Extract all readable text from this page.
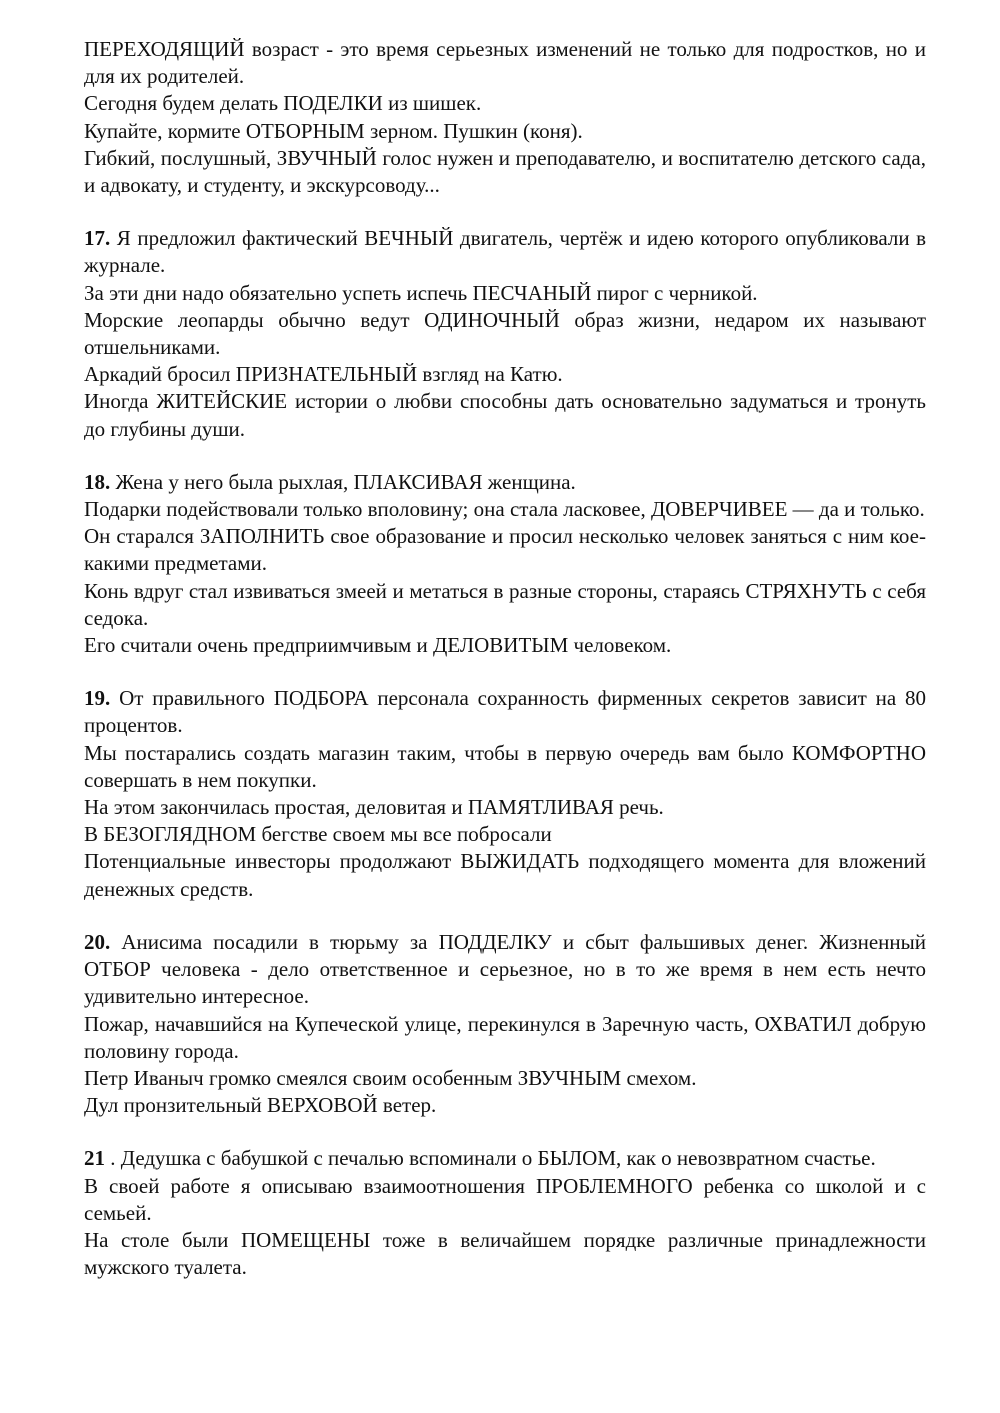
ПЕРЕХОДЯЩИЙ возраст - это время серьезных изменений не только для подростков, но и для их родителей.

Сегодня будем делать ПОДЕЛКИ из шишек.

Купайте, кормите ОТБОРНЫМ зерном. Пушкин (коня).

Гибкий, послушный, ЗВУЧНЫЙ голос нужен и преподавателю, и воспитателю детского сада, и адвокату, и студенту, и экскурсоводу...

17. Я предложил фактический ВЕЧНЫЙ двигатель, чертёж и идею которого опубликовали в журнале.

За эти дни надо обязательно успеть испечь ПЕСЧАНЫЙ пирог с черникой.

Морские леопарды обычно ведут ОДИНОЧНЫЙ образ жизни, недаром их называют отшельниками.

Аркадий бросил ПРИЗНАТЕЛЬНЫЙ взгляд на Катю.

Иногда ЖИТЕЙСКИЕ истории о любви способны дать основательно задуматься и тронуть до глубины души.

18. Жена у него была рыхлая, ПЛАКСИВАЯ женщина.

Подарки подействовали только вполовину; она стала ласковее, ДОВЕРЧИВЕЕ — да и только.

Он старался ЗАПОЛНИТЬ свое образование и просил несколько человек заняться с ним кое-какими предметами.

Конь вдруг стал извиваться змеей и метаться в разные стороны, стараясь СТРЯХНУТЬ с себя седока.

Его считали очень предприимчивым и ДЕЛОВИТЫМ человеком.

19. От правильного ПОДБОРА персонала сохранность фирменных секретов зависит на 80 процентов.

Мы постарались создать магазин таким, чтобы в первую очередь вам было КОМФОРТНО совершать в нем покупки.

На этом закончилась простая, деловитая и ПАМЯТЛИВАЯ речь.

В БЕЗОГЛЯДНОМ бегстве своем мы все побросали

Потенциальные инвесторы продолжают ВЫЖИДАТЬ подходящего момента для вложений денежных средств.

20. Анисима посадили в тюрьму за ПОДДЕЛКУ и сбыт фальшивых денег. Жизненный ОТБОР человека - дело ответственное и серьезное, но в то же время в нем есть нечто удивительно интересное.

Пожар, начавшийся на Купеческой улице, перекинулся в Заречную часть, ОХВАТИЛ добрую половину города.

Петр Иваныч громко смеялся своим особенным ЗВУЧНЫМ смехом.

Дул пронзительный ВЕРХОВОЙ ветер.

21 . Дедушка с бабушкой с печалью вспоминали о БЫЛОМ, как о невозвратном счастье.

В своей работе я описываю взаимоотношения ПРОБЛЕМНОГО ребенка со школой и с семьей.

На столе были ПОМЕЩЕНЫ тоже в величайшем порядке различные принадлежности мужского туалета.
